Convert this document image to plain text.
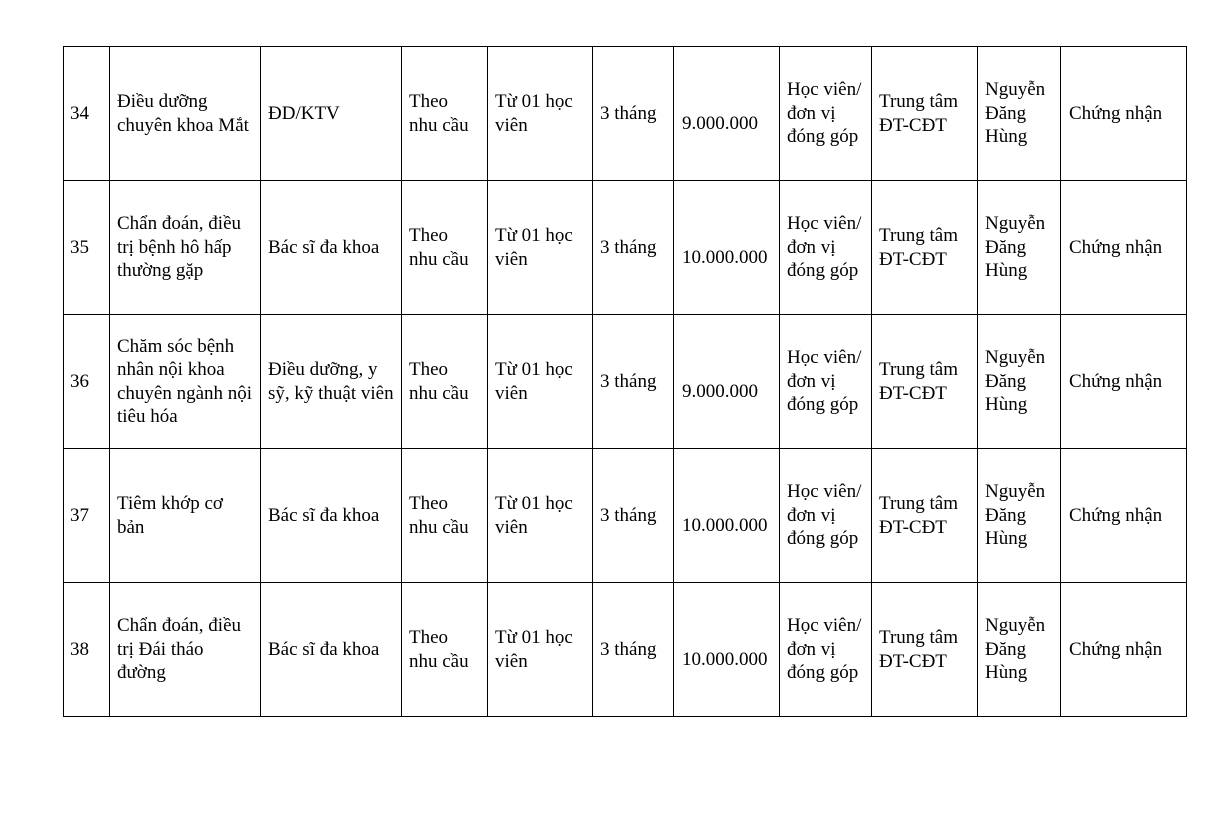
34	Điều dưỡng chuyên khoa Mắt	ĐD/KTV	Theo nhu cầu	Từ 01 học viên	3 tháng	9.000.000	Học viên/ đơn vị đóng góp	Trung tâm ĐT-CĐT	Nguyễn Đăng Hùng	Chứng nhận
35	Chẩn đoán, điều trị bệnh hô hấp thường gặp	Bác sĩ đa khoa	Theo nhu cầu	Từ 01 học viên	3 tháng	10.000.000	Học viên/ đơn vị đóng góp	Trung tâm ĐT-CĐT	Nguyễn Đăng Hùng	Chứng nhận
36	Chăm sóc bệnh nhân nội khoa chuyên ngành nội tiêu hóa	Điều dưỡng, y sỹ, kỹ thuật viên	Theo nhu cầu	Từ 01 học viên	3 tháng	9.000.000	Học viên/ đơn vị đóng góp	Trung tâm ĐT-CĐT	Nguyễn Đăng Hùng	Chứng nhận
37	Tiêm khớp cơ bản	Bác sĩ đa khoa	Theo nhu cầu	Từ 01 học viên	3 tháng	10.000.000	Học viên/ đơn vị đóng góp	Trung tâm ĐT-CĐT	Nguyễn Đăng Hùng	Chứng nhận
38	Chẩn đoán, điều trị Đái tháo đường	Bác sĩ đa khoa	Theo nhu cầu	Từ 01 học viên	3 tháng	10.000.000	Học viên/ đơn vị đóng góp	Trung tâm ĐT-CĐT	Nguyễn Đăng Hùng	Chứng nhận
